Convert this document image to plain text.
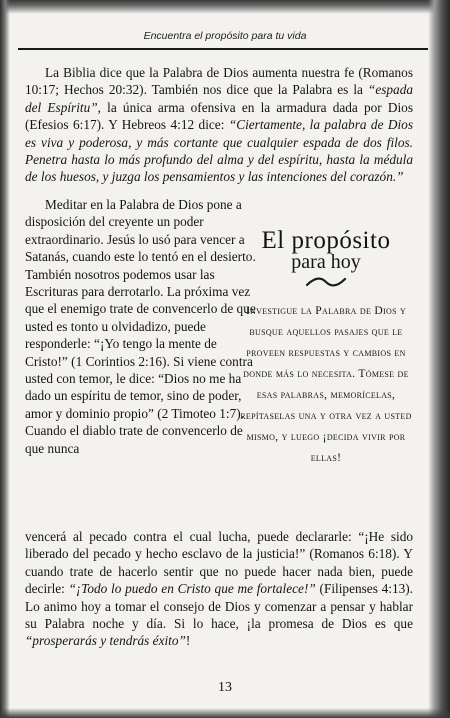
Encuentra el propósito para tu vida

La Biblia dice que la Palabra de Dios aumenta nuestra fe (Romanos 10:17; Hechos 20:32). También nos dice que la Palabra es la “espada del Espíritu”, la única arma ofensiva en la armadura dada por Dios (Efesios 6:17). Y Hebreos 4:12 dice: “Ciertamente, la palabra de Dios es viva y poderosa, y más cortante que cualquier espada de dos filos. Penetra hasta lo más profundo del alma y del espíritu, hasta la médula de los huesos, y juzga los pensamientos y las intenciones del corazón.”

Meditar en la Palabra de Dios pone a disposición del creyente un poder extraordinario. Jesús lo usó para vencer a Satanás, cuando este lo tentó en el desierto. También nosotros podemos usar las Escrituras para derrotarlo. La próxima vez que el enemigo trate de convencerlo de que usted es tonto u olvidadizo, puede responderle: “¡Yo tengo la mente de Cristo!” (1 Corintios 2:16). Si viene contra usted con temor, le dice: “Dios no me ha dado un espíritu de temor, sino de poder, amor y dominio propio” (2 Timoteo 1:7). Cuando el diablo trate de convencerlo de que nunca

El propósito
para hoy
Investigue la Palabra de Dios y busque aquellos pasajes que le proveen respuestas y cambios en donde más lo necesita. Tómese de esas palabras, memorícelas, repítaselas una y otra vez a usted mismo, y luego ¡decida vivir por ellas!

vencerá al pecado contra el cual lucha, puede declararle: “¡He sido liberado del pecado y hecho esclavo de la justicia!” (Romanos 6:18). Y cuando trate de hacerlo sentir que no puede hacer nada bien, puede decirle: “¡Todo lo puedo en Cristo que me fortalece!” (Filipenses 4:13). Lo animo hoy a tomar el consejo de Dios y comenzar a pensar y hablar su Palabra noche y día. Si lo hace, ¡la promesa de Dios es que “prosperarás y tendrás éxito”!

13
